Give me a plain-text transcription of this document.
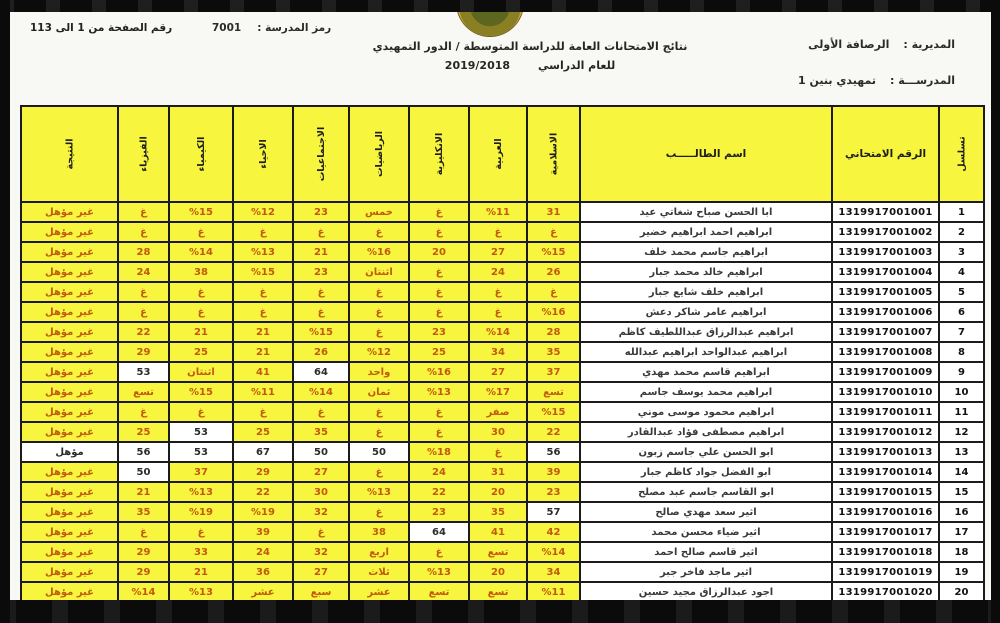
رقم الصفحة من 1 الى 113	رمز المدرسة :
7001
نتائج الامتحانات العامة للدراسة المتوسطة / الدور التمهيدي
للعام الدراسي
2019/2018
المديرية :
الرصافة الأولى
المدرســـة :
تمهيدي بنين 1
تسلسل	الرقم الامتحاني	اسم الطالـــــب	الاسلامية	العربية	الانكليزية	الرياضيات	الاجتماعيات	الاحياء	الكيمياء	الفيزياء	النتيجة

1	1319917001001	ابا الحسن صباح شغاتي عيد	31	%11	غ	خمس	23	%12	%15	غ	غير مؤهل
2	1319917001002	ابراهيم احمد ابراهيم خضير	غ	غ	غ	غ	غ	غ	غ	غ	غير مؤهل
3	1319917001003	ابراهيم جاسم محمد خلف	%15	27	20	%16	21	%13	%14	28	غير مؤهل
4	1319917001004	ابراهيم خالد محمد جبار	26	24	غ	اثنتان	23	%15	38	24	غير مؤهل
5	1319917001005	ابراهيم خلف شايع جبار	غ	غ	غ	غ	غ	غ	غ	غ	غير مؤهل
6	1319917001006	ابراهيم عامر شاكر دعش	%16	غ	غ	غ	غ	غ	غ	غ	غير مؤهل
7	1319917001007	ابراهيم عبدالرزاق عبداللطيف كاظم	28	%14	23	غ	%15	21	21	22	غير مؤهل
8	1319917001008	ابراهيم عبدالواحد ابراهيم عبدالله	35	34	25	%12	26	21	25	29	غير مؤهل
9	1319917001009	ابراهيم قاسم محمد مهدي	37	27	%16	واحد	64	41	اثنتان	53	غير مؤهل
10	1319917001010	ابراهيم محمد يوسف جاسم	تسع	%17	%13	ثمان	%14	%11	%15	تسع	غير مؤهل
11	1319917001011	ابراهيم محمود موسى موني	%15	صفر	غ	غ	غ	غ	غ	غ	غير مؤهل
12	1319917001012	ابراهيم مصطفى فؤاد عبدالقادر	22	30	غ	غ	35	25	53	25	غير مؤهل
13	1319917001013	ابو الحسن علي جاسم زبون	56	غ	%18	50	50	67	53	56	مؤهل
14	1319917001014	ابو الفضل جواد كاظم جبار	39	31	24	غ	27	29	37	50	غير مؤهل
15	1319917001015	ابو القاسم جاسم عبد مصلح	23	20	22	%13	30	22	%13	21	غير مؤهل
16	1319917001016	اثير سعد مهدي صالح	57	35	23	غ	32	%19	%19	35	غير مؤهل
17	1319917001017	اثير ضياء محسن محمد	42	41	64	38	غ	39	غ	غ	غير مؤهل
18	1319917001018	اثير قاسم صالح احمد	%14	تسع	غ	اربع	32	24	33	29	غير مؤهل
19	1319917001019	اثير ماجد فاخر جبر	34	20	%13	ثلاث	27	36	21	29	غير مؤهل
20	1319917001020	اجود عبدالرزاق مجيد حسين	%11	تسع	تسع	عشر	سبع	عشر	%13	%14	غير مؤهل
